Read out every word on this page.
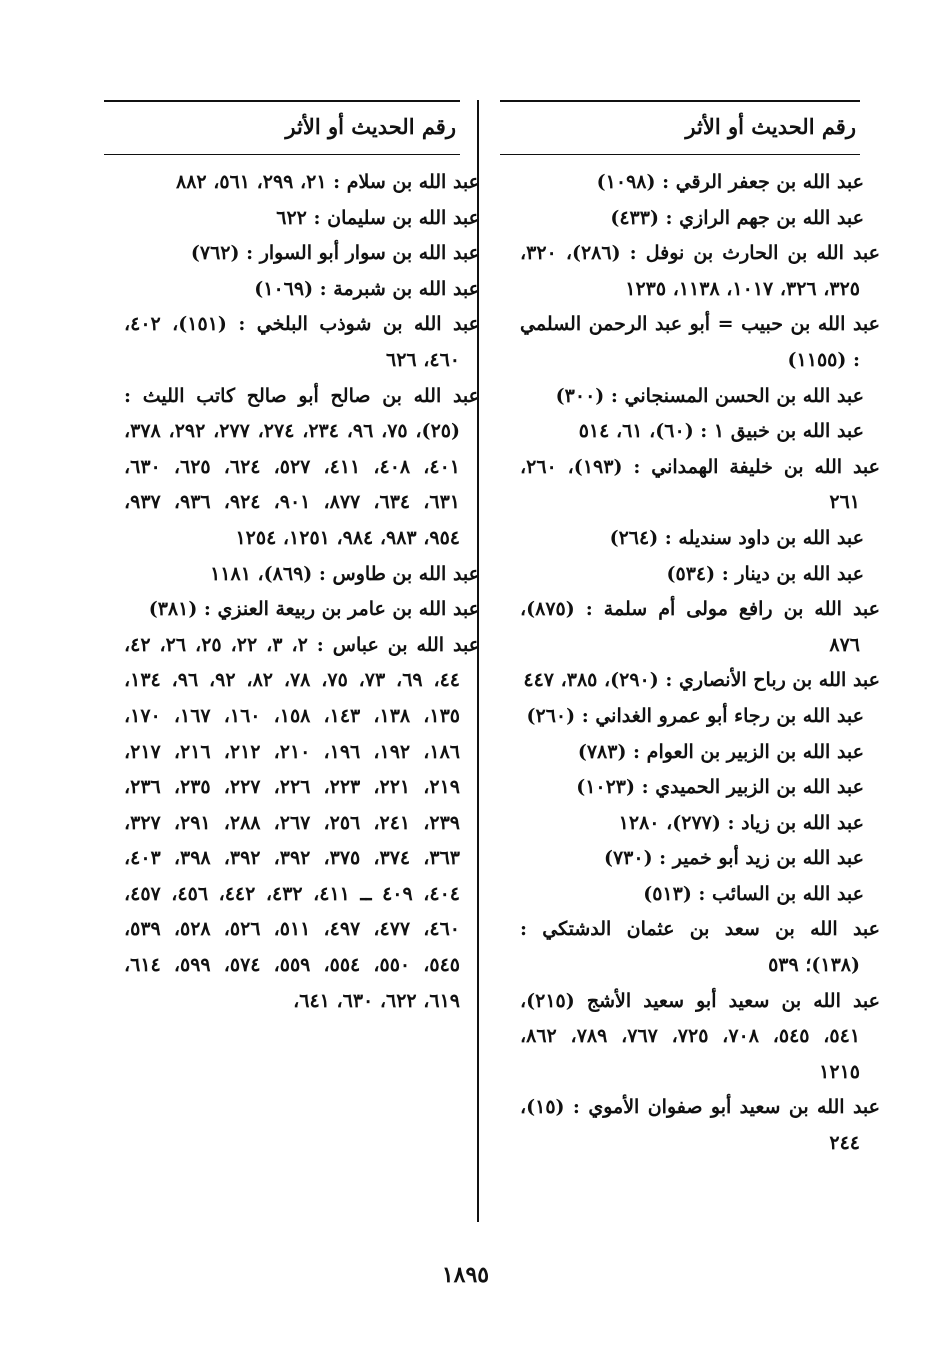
رقم الحديث أو الأثر
عبد الله بن جعفر الرقي : (١٠٩٨)
عبد الله بن جهم الرازي : (٤٣٣)
عبد الله بن الحارث بن نوفل : (٢٨٦)، ٣٢٠، ٣٢٥، ٣٢٦، ١٠١٧، ١١٣٨، ١٢٣٥
عبد الله بن حبيب = أبو عبد الرحمن السلمي : (١١٥٥)
عبد الله بن الحسن المسنجاني : (٣٠٠)
عبد الله بن خبيق ١ : (٦٠)، ٦١، ٥١٤
عبد الله بن خليفة الهمداني : (١٩٣)، ٢٦٠، ٢٦١
عبد الله بن داود سنديله : (٢٦٤)
عبد الله بن دينار : (٥٣٤)
عبد الله بن رافع مولى أم سلمة : (٨٧٥)، ٨٧٦
عبد الله بن رباح الأنصاري : (٢٩٠)، ٣٨٥، ٤٤٧
عبد الله بن رجاء أبو عمرو الغداني : (٢٦٠)
عبد الله بن الزبير بن العوام : (٧٨٣)
عبد الله بن الزبير الحميدي : (١٠٢٣)
عبد الله بن زياد : (٢٧٧)، ١٢٨٠
عبد الله بن زيد أبو خمير : (٧٣٠)
عبد الله بن السائب : (٥١٣)
عبد الله بن سعد بن عثمان الدشتكي : (١٣٨)؛ ٥٣٩
عبد الله بن سعيد أبو سعيد الأشج (٢١٥)، ٥٤١، ٥٤٥، ٧٠٨، ٧٢٥، ٧٦٧، ٧٨٩، ٨٦٢، ١٢١٥
عبد الله بن سعيد أبو صفوان الأموي : (١٥)، ٢٤٤
رقم الحديث أو الأثر
عبد الله بن سلام : ٢١، ٢٩٩، ٥٦١، ٨٨٢
عبد الله بن سليمان : ٦٢٢
عبد الله بن سوار أبو السوار : (٧٦٢)
عبد الله بن شبرمة : (١٠٦٩)
عبد الله بن شوذب البلخي : (١٥١)، ٤٠٢، ٤٦٠، ٦٢٦
عبد الله بن صالح أبو صالح كاتب الليث : (٢٥)، ٧٥، ٩٦، ٢٣٤، ٢٧٤، ٢٧٧، ٢٩٢، ٣٧٨، ٤٠١، ٤٠٨، ٤١١، ٥٢٧، ٦٢٤، ٦٢٥، ٦٣٠، ٦٣١، ٦٣٤، ٨٧٧، ٩٠١، ٩٢٤، ٩٣٦، ٩٣٧، ٩٥٤، ٩٨٣، ٩٨٤، ١٢٥١، ١٢٥٤
عبد الله بن طاوس : (٨٦٩)، ١١٨١
عبد الله بن عامر بن ربيعة العنزي : (٣٨١)
عبد الله بن عباس : ٢، ٣، ٢٢، ٢٥، ٢٦، ٤٢، ٤٤، ٦٩، ٧٣، ٧٥، ٧٨، ٨٢، ٩٢، ٩٦، ١٣٤، ١٣٥، ١٣٨، ١٤٣، ١٥٨، ١٦٠، ١٦٧، ١٧٠، ١٨٦، ١٩٢، ١٩٦، ٢١٠، ٢١٢، ٢١٦، ٢١٧، ٢١٩، ٢٢١، ٢٢٣، ٢٢٦، ٢٢٧، ٢٣٥، ٢٣٦، ٢٣٩، ٢٤١، ٢٥٦، ٢٦٧، ٢٨٨، ٢٩١، ٣٢٧، ٣٦٣، ٣٧٤، ٣٧٥، ٣٩٢، ٣٩٢، ٣٩٨، ٤٠٣، ٤٠٤، ٤٠٩ ــ ٤١١، ٤٣٢، ٤٤٢، ٤٥٦، ٤٥٧، ٤٦٠، ٤٧٧، ٤٩٧، ٥١١، ٥٢٦، ٥٢٨، ٥٣٩، ٥٤٥، ٥٥٠، ٥٥٤، ٥٥٩، ٥٧٤، ٥٩٩، ٦١٤، ٦١٩، ٦٢٢، ٦٣٠، ٦٤١،
١٨٩٥
